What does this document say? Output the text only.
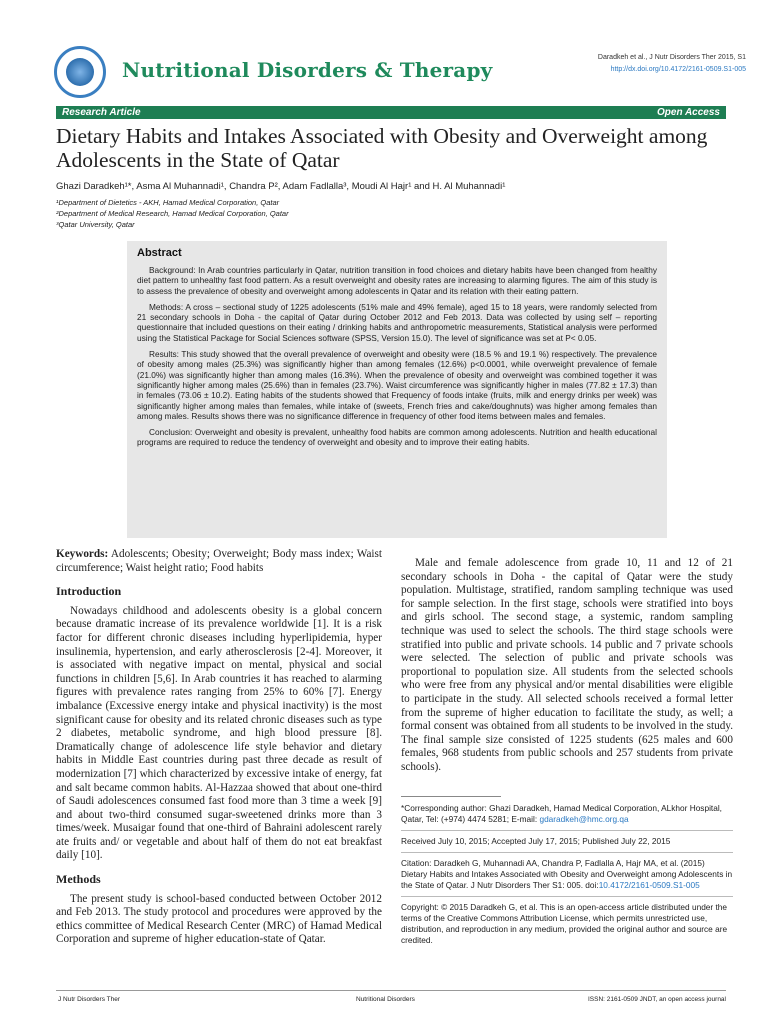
Nutritional Disorders & Therapy
Daradkeh et al., J Nutr Disorders Ther 2015, S1
http://dx.doi.org/10.4172/2161-0509.S1-005
Research Article	Open Access
Dietary Habits and Intakes Associated with Obesity and Overweight among Adolescents in the State of Qatar
Ghazi Daradkeh¹*, Asma Al Muhannadi¹, Chandra P², Adam Fadlalla³, Moudi Al Hajr¹ and H. Al Muhannadi¹
¹Department of Dietetics - AKH, Hamad Medical Corporation, Qatar
²Department of Medical Research, Hamad Medical Corporation, Qatar
³Qatar University, Qatar
Abstract

Background: In Arab countries particularly in Qatar, nutrition transition in food choices and dietary habits have been changed from healthy diet pattern to unhealthy fast food pattern. As a result overweight and obesity rates are increasing to alarming figures. The aim of this study is to assess the prevalence of obesity and overweight among adolescents in Qatar and its relation with their eating pattern.

Methods: A cross – sectional study of 1225 adolescents (51% male and 49% female), aged 15 to 18 years, were randomly selected from 21 secondary schools in Doha - the capital of Qatar during October 2012 and Feb 2013. Data was collected by using self – reporting questionnaire that included questions on their eating / drinking habits and anthropometric measurements, Statistical analysis were performed using the Statistical Package for Social Sciences software (SPSS, Version 15.0). The level of significance was set at P< 0.05.

Results: This study showed that the overall prevalence of overweight and obesity were (18.5 % and 19.1 %) respectively. The prevalence of obesity among males (25.3%) was significantly higher than among females (12.6%) p<0.0001, while overweight prevalence of female (21.0%) was significantly higher than among males (16.3%). When the prevalence of obesity and overweight was combined together it was significantly higher among males (25.6%) than in females (23.7%). Waist circumference was significantly higher in males (77.82 ± 17.3) than in females (73.06 ± 10.2). Eating habits of the students showed that Frequency of foods intake (fruits, milk and energy drinks per week) was significantly higher among males than females, while intake of (sweets, French fries and cake/doughnuts) was higher among females than among males. Results shows there was no significance difference in frequency of other food items between males and females.

Conclusion: Overweight and obesity is prevalent, unhealthy food habits are common among adolescents. Nutrition and health educational programs are required to reduce the tendency of overweight and obesity and to improve their eating habits.

Keywords: Adolescents; Obesity; Overweight; Body mass index; Waist circumference; Waist height ratio; Food habits

Introduction

Nowadays childhood and adolescents obesity is a global concern because dramatic increase of its prevalence worldwide [1]. It is a risk factor for different chronic diseases including hyperlipidemia, hyper insulinemia, hypertension, and early atherosclerosis [2-4]. Moreover, it is associated with negative impact on mental, physical and social functions in children [5,6]. In Arab countries it has reached to alarming figures with prevalence rates ranging from 25% to 60% [7]. Energy imbalance (Excessive energy intake and physical inactivity) is the most significant cause for obesity and its related chronic diseases such as type 2 diabetes, metabolic syndrome, and high blood pressure [8]. Dramatically change of adolescence life style behavior and dietary habits in Middle East countries during past three decade as result of modernization [7] which characterized by excessive intake of energy, fat and salt became common habits. Al-Hazzaa showed that about one-third of Saudi adolescences consumed fast food more than 3 time a week [9] and about two-third consumed sugar-sweetened drinks more than 3 times/week. Musaigar found that one-third of Bahraini adolescent rarely ate fruits and/ or vegetable and about half of them do not eat breakfast daily [10].

Methods

The present study is school-based conducted between October 2012 and Feb 2013. The study protocol and procedures were approved by the ethics committee of Medical Research Center (MRC) of Hamad Medical Corporation and supreme of higher education-state of Qatar.

Male and female adolescence from grade 10, 11 and 12 of 21 secondary schools in Doha - the capital of Qatar were the study population. Multistage, stratified, random sampling technique was used for sample selection. In the first stage, schools were stratified into boys and girls school. The second stage, a systemic, random sampling technique was used to select the schools. The third stage schools were stratified into public and private schools. 14 public and 7 private schools were selected. The selection of public and private schools was proportional to population size. All students from the selected schools who were free from any physical and/or mental disabilities were eligible to participate in the study. All selected schools received a formal letter from the supreme of higher education to facilitate the study, as well; a formal consent was obtained from all students to be involved in the study. The final sample size consisted of 1225 students (625 males and 600 females, 968 students from public schools and 257 students from private schools).

*Corresponding author: Ghazi Daradkeh, Hamad Medical Corporation, ALkhor Hospital, Qatar, Tel: (+974) 4474 5281; E-mail: gdaradkeh@hmc.org.qa
Received July 10, 2015; Accepted July 17, 2015; Published July 22, 2015
Citation: Daradkeh G, Muhannadi AA, Chandra P, Fadlalla A, Hajr MA, et al. (2015) Dietary Habits and Intakes Associated with Obesity and Overweight among Adolescents in the State of Qatar. J Nutr Disorders Ther S1: 005. doi:10.4172/2161-0509.S1-005
Copyright: © 2015 Daradkeh G, et al. This is an open-access article distributed under the terms of the Creative Commons Attribution License, which permits unrestricted use, distribution, and reproduction in any medium, provided the original author and source are credited.
J Nutr Disorders Ther	Nutritional Disorders	ISSN: 2161-0509 JNDT, an open access journal
